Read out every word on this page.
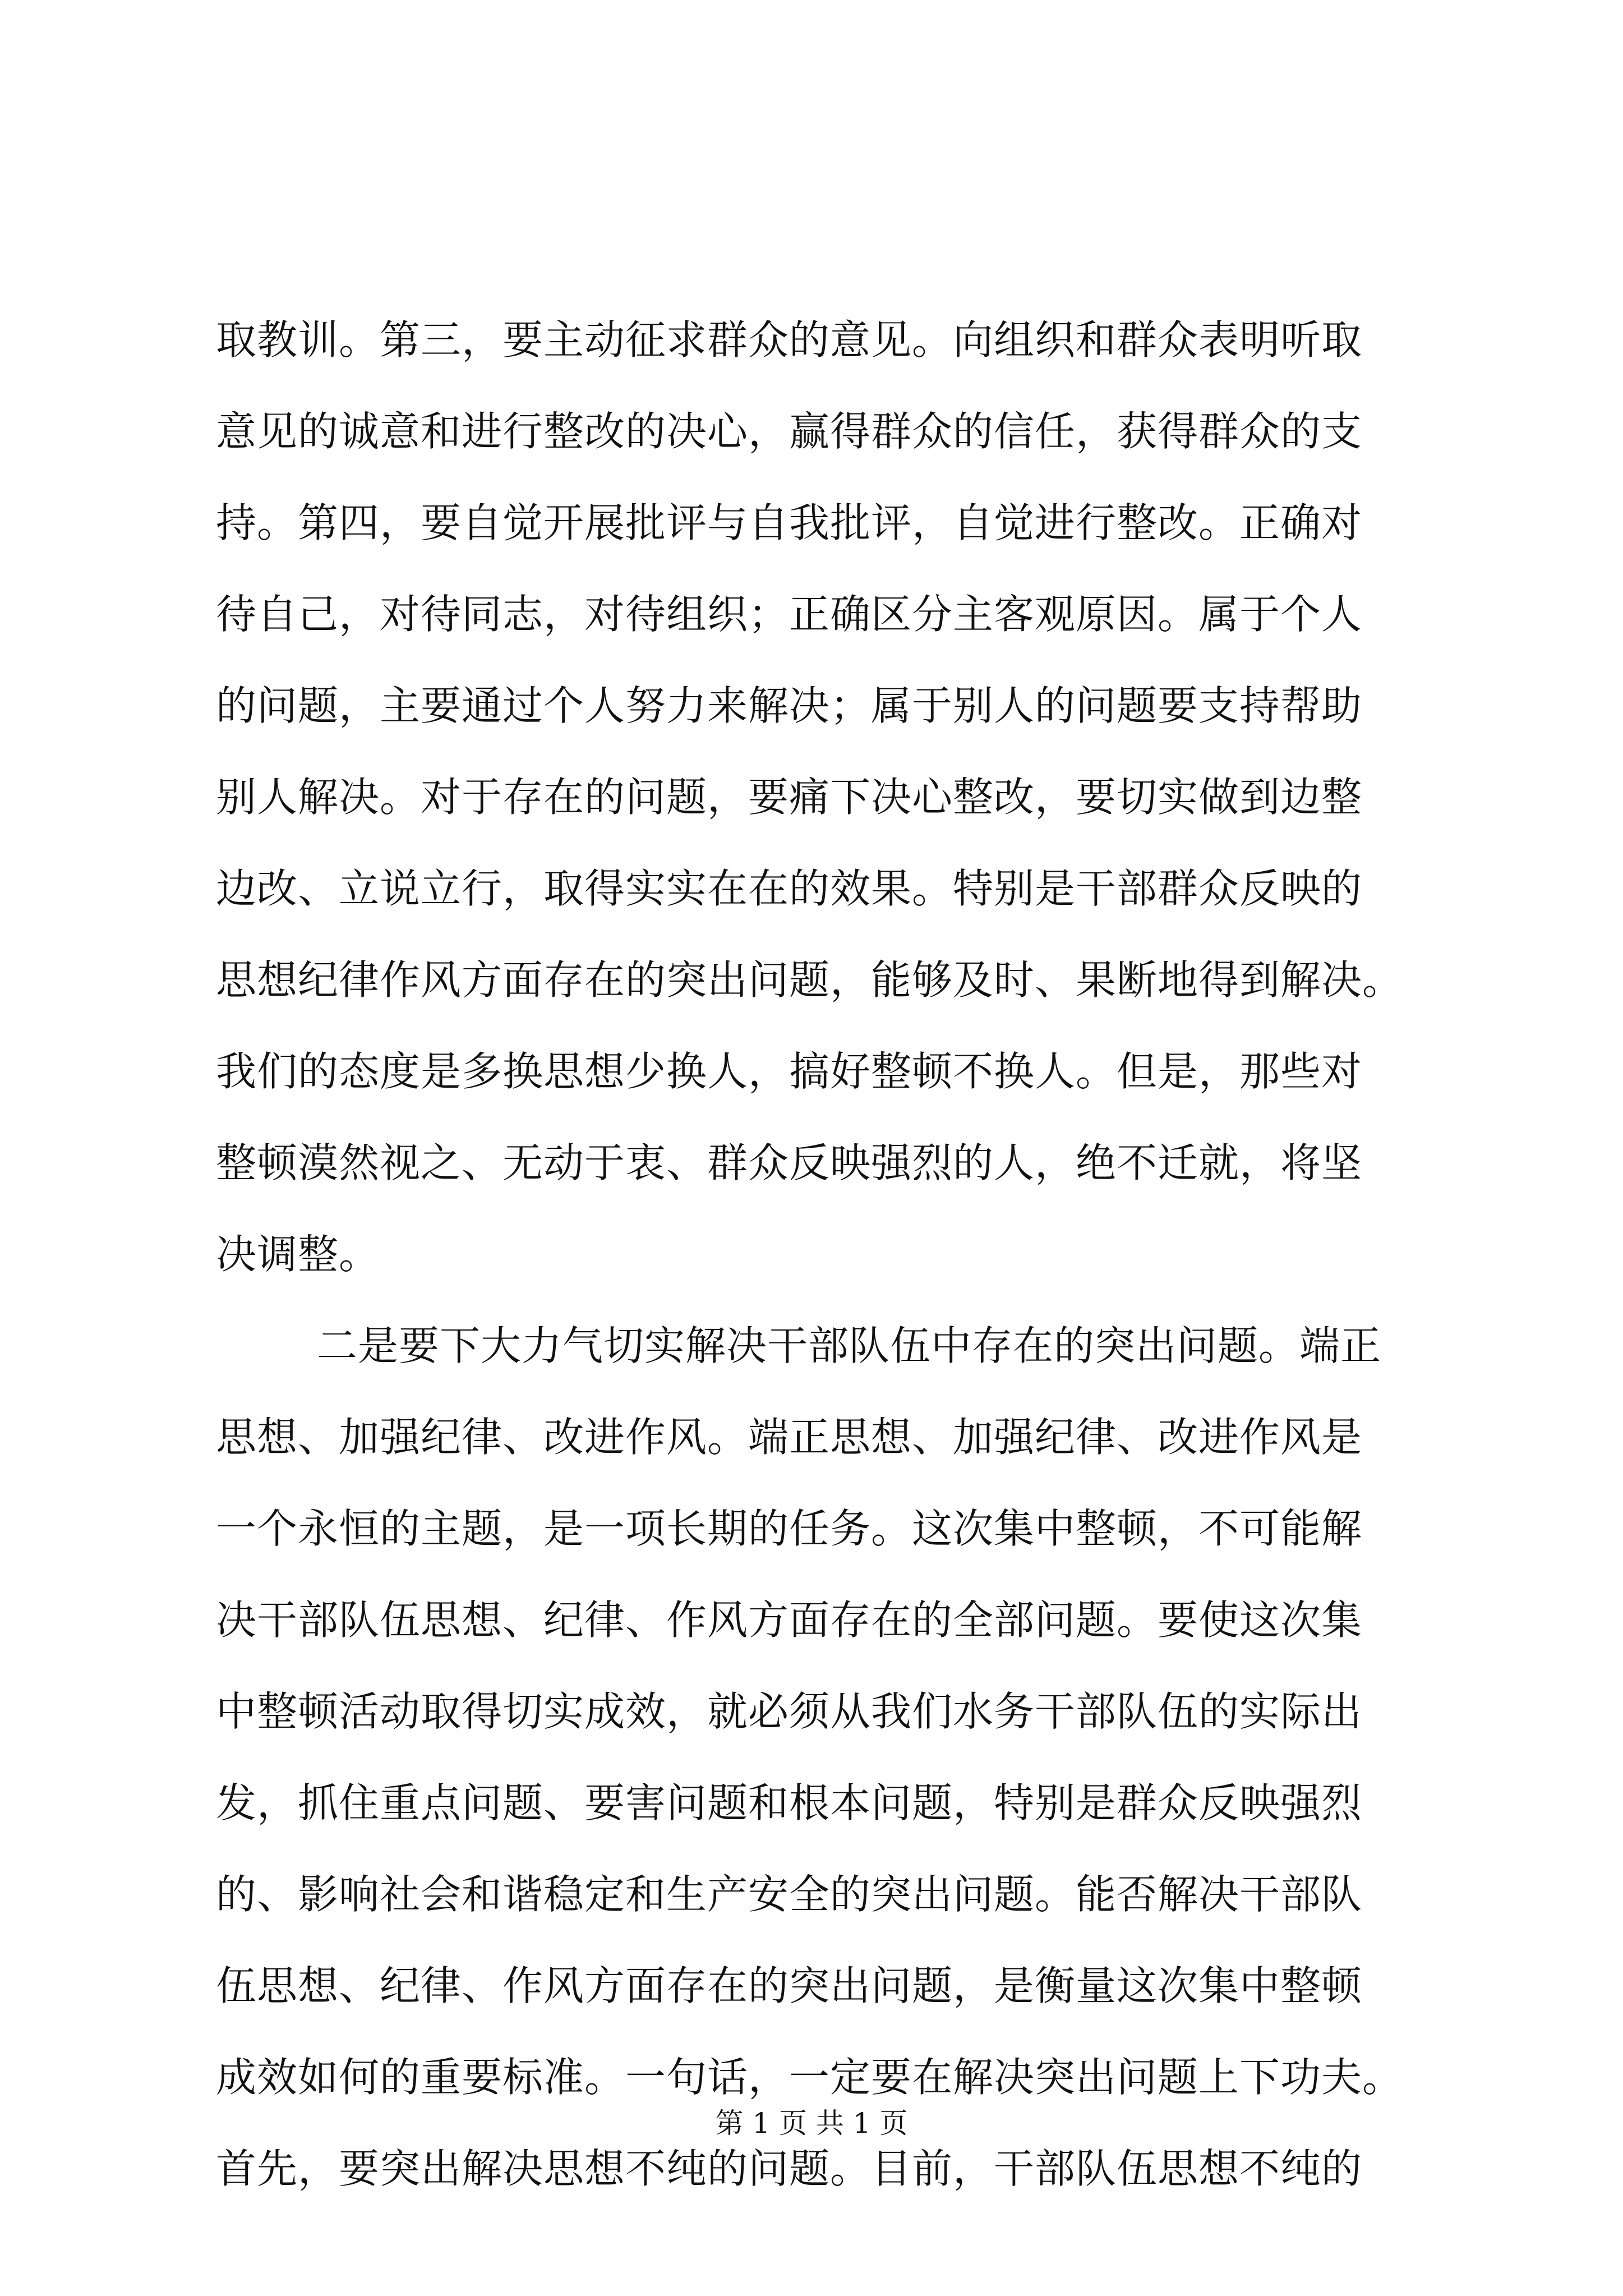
取教训。第三，要主动征求群众的意见。向组织和群众表明听取
意见的诚意和进行整改的决心，赢得群众的信任，获得群众的支
持。第四，要自觉开展批评与自我批评，自觉进行整改。正确对
待自己，对待同志，对待组织；正确区分主客观原因。属于个人
的问题，主要通过个人努力来解决；属于别人的问题要支持帮助
别人解决。对于存在的问题，要痛下决心整改，要切实做到边整
边改、立说立行，取得实实在在的效果。特别是干部群众反映的
思想纪律作风方面存在的突出问题，能够及时、果断地得到解决。
我们的态度是多换思想少换人，搞好整顿不换人。但是，那些对
整顿漠然视之、无动于衷、群众反映强烈的人，绝不迁就，将坚
决调整。
二是要下大力气切实解决干部队伍中存在的突出问题。端正
思想、加强纪律、改进作风。端正思想、加强纪律、改进作风是
一个永恒的主题，是一项长期的任务。这次集中整顿，不可能解
决干部队伍思想、纪律、作风方面存在的全部问题。要使这次集
中整顿活动取得切实成效，就必须从我们水务干部队伍的实际出
发，抓住重点问题、要害问题和根本问题，特别是群众反映强烈
的、影响社会和谐稳定和生产安全的突出问题。能否解决干部队
伍思想、纪律、作风方面存在的突出问题，是衡量这次集中整顿
成效如何的重要标准。一句话，一定要在解决突出问题上下功夫。
首先，要突出解决思想不纯的问题。目前，干部队伍思想不纯的
第 1 页 共 1 页
